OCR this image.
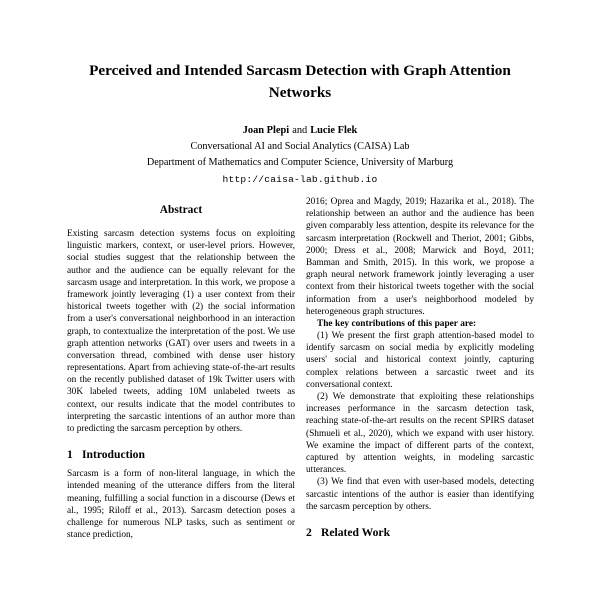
Perceived and Intended Sarcasm Detection with Graph Attention Networks
Joan Plepi and Lucie Flek
Conversational AI and Social Analytics (CAISA) Lab
Department of Mathematics and Computer Science, University of Marburg
http://caisa-lab.github.io
Abstract

Existing sarcasm detection systems focus on exploiting linguistic markers, context, or user-level priors. However, social studies suggest that the relationship between the author and the audience can be equally relevant for the sarcasm usage and interpretation. In this work, we propose a framework jointly leveraging (1) a user context from their historical tweets together with (2) the social information from a user's conversational neighborhood in an interaction graph, to contextualize the interpretation of the post. We use graph attention networks (GAT) over users and tweets in a conversation thread, combined with dense user history representations. Apart from achieving state-of-the-art results on the recently published dataset of 19k Twitter users with 30K labeled tweets, adding 10M unlabeled tweets as context, our results indicate that the model contributes to interpreting the sarcastic intentions of an author more than to predicting the sarcasm perception by others.

1 Introduction

Sarcasm is a form of non-literal language, in which the intended meaning of the utterance differs from the literal meaning, fulfilling a social function in a discourse (Dews et al., 1995; Riloff et al., 2013). Sarcasm detection poses a challenge for numerous NLP tasks, such as sentiment or stance prediction,

2016; Oprea and Magdy, 2019; Hazarika et al., 2018). The relationship between an author and the audience has been given comparably less attention, despite its relevance for the sarcasm interpretation (Rockwell and Theriot, 2001; Gibbs, 2000; Dress et al., 2008; Marwick and Boyd, 2011; Bamman and Smith, 2015). In this work, we propose a graph neural network framework jointly leveraging a user context from their historical tweets together with the social information from a user's neighborhood modeled by heterogeneous graph structures.

The key contributions of this paper are:

(1) We present the first graph attention-based model to identify sarcasm on social media by explicitly modeling users' social and historical context jointly, capturing complex relations between a sarcastic tweet and its conversational context.

(2) We demonstrate that exploiting these relationships increases performance in the sarcasm detection task, reaching state-of-the-art results on the recent SPIRS dataset (Shmueli et al., 2020), which we expand with user history. We examine the impact of different parts of the context, captured by attention weights, in modeling sarcastic utterances.

(3) We find that even with user-based models, detecting sarcastic intentions of the author is easier than identifying the sarcasm perception by others.

2 Related Work
